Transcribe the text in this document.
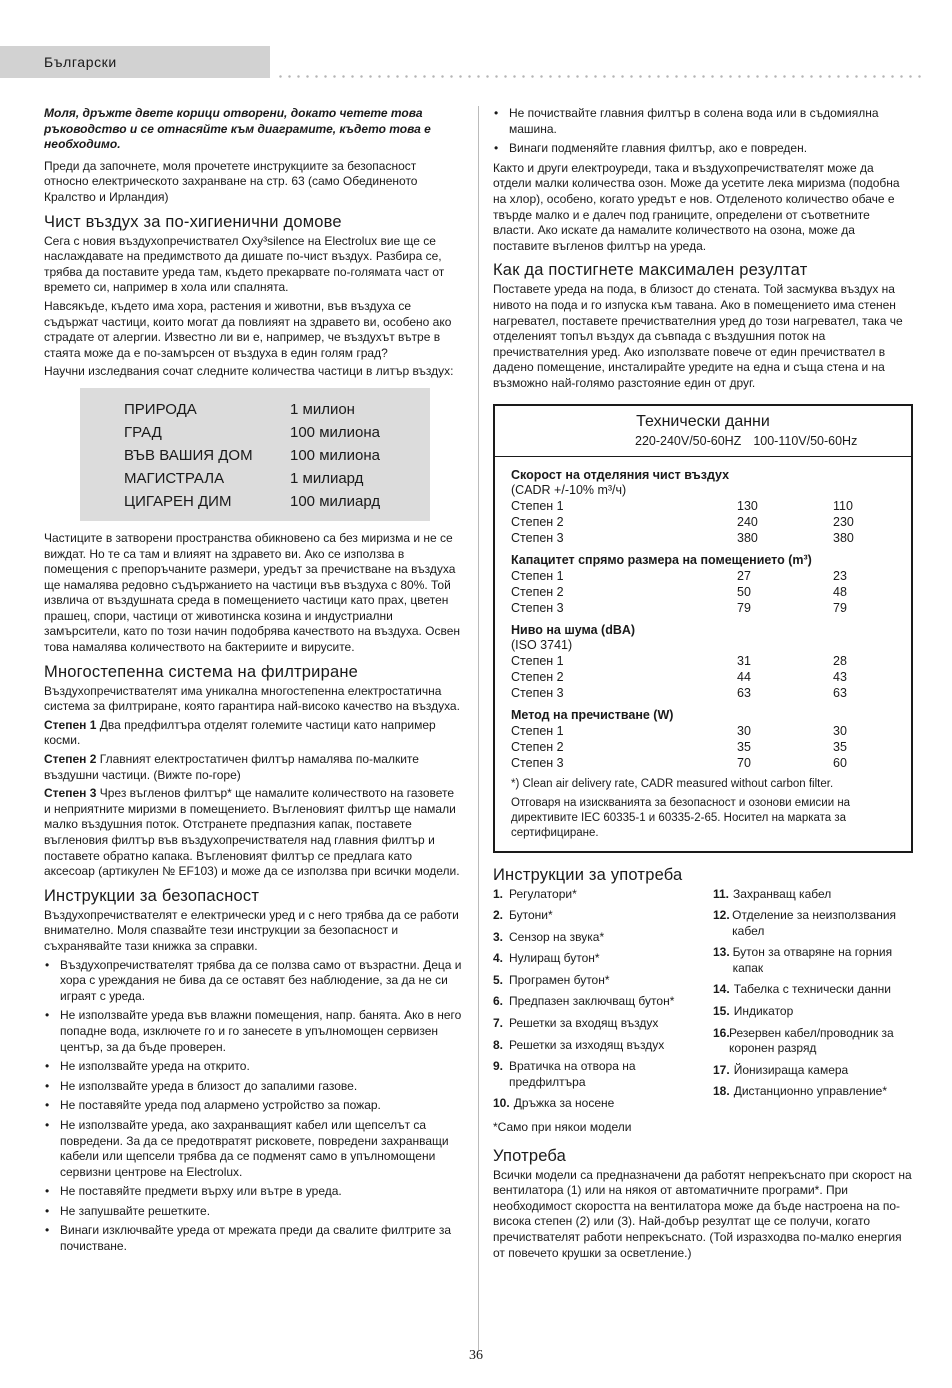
Български

Моля, дръжте двете корици отворени, докато четете това ръководство и се отнасяйте към диаграмите, където това е необходимо.

Преди да започнете, моля прочетете инструкциите за безопасност относно електрическото захранване на стр. 63 (само Обединеното Кралство и Ирландия)

Чист въздух за по-хигиенични домове

Сега с новия въздухопречиствател Oxy³silence на Electrolux вие ще се наслаждавате на предимството да дишате по-чист въздух. Разбира се, трябва да поставите уреда там, където прекарвате по-голямата част от времето си, например в хола или спалнята.

Навсякъде, където има хора, растения и животни, във въздуха се съдържат частици, които могат да повлияят на здравето ви, особено ако страдате от алергии. Известно ли ви е, например, че въздухът вътре в стаята може да е по-замърсен от въздуха в един голям град?

Научни изследвания сочат следните количества частици в литър въздух:

ПРИРОДА	1 милион
ГРАД	100 милиона
ВЪВ ВАШИЯ ДОМ	100 милиона
МАГИСТРАЛА	1 милиард
ЦИГАРЕН ДИМ	100 милиард

Частиците в затворени пространства обикновено са без миризма и не се виждат. Но те са там и влияят на здравето ви. Ако се използва в помещения с препоръчаните размери, уредът за пречистване на въздуха ще намалява редовно съдържанието на частици във въздуха с 80%. Той извлича от въздушната среда в помещението частици като прах, цветен прашец, спори, частици от животинска козина и индустриални замърсители, като по този начин подобрява качеството на въздуха. Освен това намалява количеството на бактериите и вирусите.

Многостепенна система на филтриране

Въздухопречиствателят има уникална многостепенна електростатична система за филтриране, която гарантира най-високо качество на въздуха.

Степен 1 Два предфилтъра отделят големите частици като например косми.

Степен 2 Главният електростатичен филтър намалява по-малките въздушни частици. (Вижте по-горе)

Степен 3 Чрез въгленов филтър* ще намалите количеството на газовете и неприятните миризми в помещението. Въгленовият филтър ще намали малко въздушния поток. Отстранете предпазния капак, поставете въгленовия филтър във въздухопречиствателя над главния филтър и поставете обратно капака. Въгленовият филтър се предлага като аксесоар (артикулен № EF103) и може да се използва при всички модели.

Инструкции за безопасност

Въздухопречиствателят е електрически уред и с него трябва да се работи внимателно. Моля спазвайте тези инструкции за безопасност и съхранявайте тази книжка за справки.

• Въздухопречиствателят трябва да се ползва само от възрастни. Деца и хора с уреждания не бива да се оставят без наблюдение, за да не си играят с уреда.
• Не използвайте уреда във влажни помещения, напр. банята. Ако в него попадне вода, изключете го и го занесете в упълномощен сервизен център, за да бъде проверен.
• Не използвайте уреда на открито.
• Не използвайте уреда в близост до запалими газове.
• Не поставяйте уреда под алармено устройство за пожар.
• Не използвайте уреда, ако захранващият кабел или щепселът са повредени. За да се предотвратят рисковете, повредени захранващи кабели или щепсели трябва да се подменят само в упълномощени сервизни центрове на Electrolux.
• Не поставяйте предмети върху или вътре в уреда.
• Не запушвайте решетките.
• Винаги изключвайте уреда от мрежата преди да свалите филтрите за почистване.
• Не почиствайте главния филтър в солена вода или в съдомиялна машина.
• Винаги подменяйте главния филтър, ако е повреден.

Както и други електроуреди, така и въздухопречиствателят може да отдели малки количества озон. Може да усетите лека миризма (подобна на хлор), особено, когато уредът е нов. Отделеното количество обаче е твърде малко и е далеч под границите, определени от съответните власти. Ако искате да намалите количеството на озона, може да поставите въгленов филтър на уреда.

Как да постигнете максимален резултат

Поставете уреда на пода, в близост до стената. Той засмуква въздух на нивото на пода и го изпуска към тавана. Ако в помещението има стенен нагревател, поставете пречиствателния уред до този нагревател, така че отделеният топъл въздух да съвпада с въздушния поток на пречиствателния уред. Ако използвате повече от един пречиствател в дадено помещение, инсталирайте уредите на една и съща стена и на възможно най-голямо разстояние един от друг.

Технически данни
220-240V/50-60HZ 100-110V/50-60Hz
Скорост на отделяния чист въздух
(CADR +/-10% m³/ч)
Степен 1	130	110
Степен 2	240	230
Степен 3	380	380
Капацитет спрямо размера на помещението (m³)
Степен 1	27	23
Степен 2	50	48
Степен 3	79	79
Ниво на шума (dBA)
(ISO 3741)
Степен 1	31	28
Степен 2	44	43
Степен 3	63	63
Метод на пречистване (W)
Степен 1	30	30
Степен 2	35	35
Степен 3	70	60
*) Clean air delivery rate, CADR measured without carbon filter.
Отговаря на изискванията за безопасност и озонови емисии на директивите IEC 60335-1 и 60335-2-65. Носител на марката за сертифициране.
Инструкции за употреба
1. Регулатори*
2. Бутони*
3. Сензор на звука*
4. Нулиращ бутон*
5. Програмен бутон*
6. Предпазен заключващ бутон*
7. Решетки за входящ въздух
8. Решетки за изходящ въздух
9. Вратичка на отвора на предфилтъра
10. Дръжка за носене
11. Захранващ кабел
12. Отделение за неизползвания кабел
13. Бутон за отваряне на горния капак
14. Табелка с технически данни
15. Индикатор
16. Резервен кабел/проводник за коронен разряд
17. Йонизираща камера
18. Дистанционно управление*

*Само при някои модели

Употреба

Всички модели са предназначени да работят непрекъснато при скорост на вентилатора (1) или на някоя от автоматичните програми*. При необходимост скоростта на вентилатора може да бъде настроена на по-висока степен (2) или (3). Най-добър резултат ще се получи, когато пречиствателят работи непрекъснато. (Той изразходва по-малко енергия от повечето крушки за осветление.)

36
